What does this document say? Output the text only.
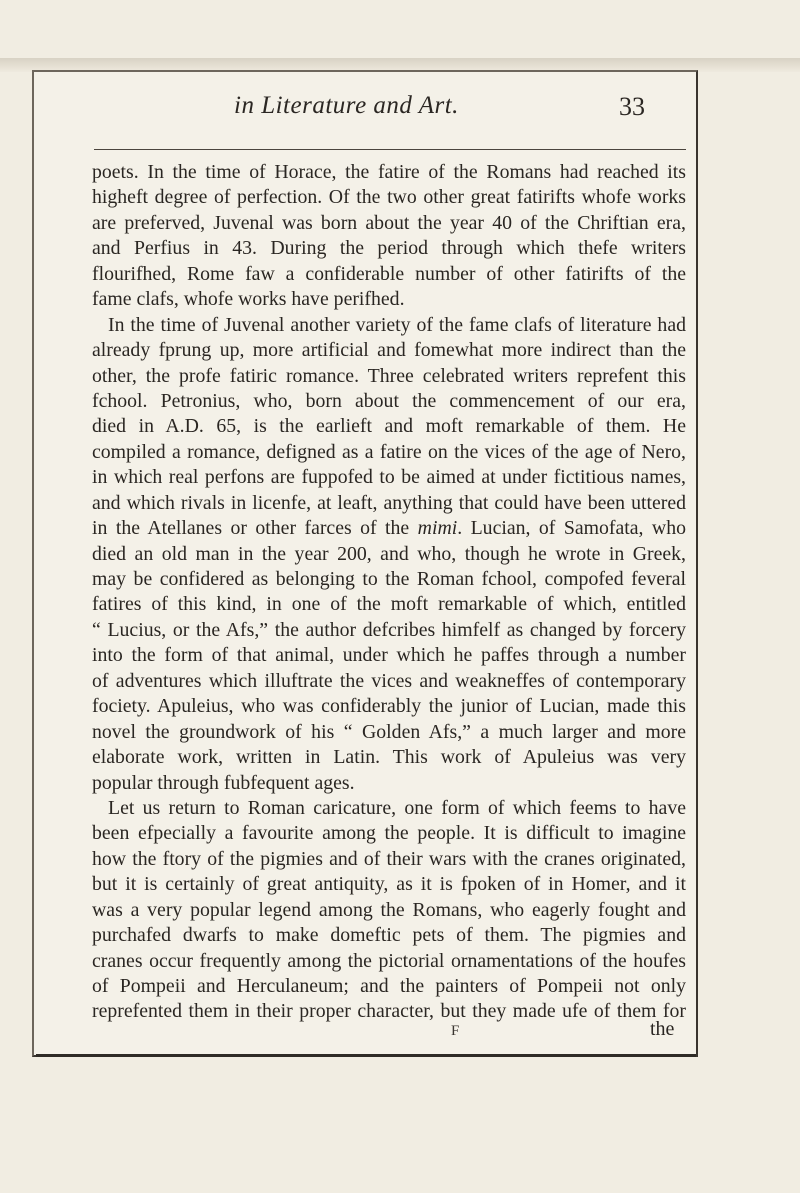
in Literature and Art.	33
poets. In the time of Horace, the fatire of the Romans had reached its
higheft degree of perfection. Of the two other great fatirifts whofe works
are preferved, Juvenal was born about the year 40 of the Chriftian era,
and Perfius in 43. During the period through which thefe writers
flourifhed, Rome faw a confiderable number of other fatirifts of the
fame clafs, whofe works have perifhed.
In the time of Juvenal another variety of the fame clafs of literature had
already fprung up, more artificial and fomewhat more indirect than the
other, the profe fatiric romance. Three celebrated writers reprefent this
fchool. Petronius, who, born about the commencement of our era,
died in A.D. 65, is the earlieft and moft remarkable of them. He
compiled a romance, defigned as a fatire on the vices of the age of Nero,
in which real perfons are fuppofed to be aimed at under fictitious names,
and which rivals in licenfe, at leaft, anything that could have been uttered
in the Atellanes or other farces of the mimi. Lucian, of Samofata, who
died an old man in the year 200, and who, though he wrote in Greek,
may be confidered as belonging to the Roman fchool, compofed feveral
fatires of this kind, in one of the moft remarkable of which, entitled
“ Lucius, or the Afs,” the author defcribes himfelf as changed by forcery
into the form of that animal, under which he paffes through a number
of adventures which illuftrate the vices and weakneffes of contemporary
fociety. Apuleius, who was confiderably the junior of Lucian, made this
novel the groundwork of his “ Golden Afs,” a much larger and more
elaborate work, written in Latin. This work of Apuleius was very
popular through fubfequent ages.
Let us return to Roman caricature, one form of which feems to have
been efpecially a favourite among the people. It is difficult to imagine
how the ftory of the pigmies and of their wars with the cranes originated,
but it is certainly of great antiquity, as it is fpoken of in Homer, and it
was a very popular legend among the Romans, who eagerly fought and
purchafed dwarfs to make domeftic pets of them. The pigmies and
cranes occur frequently among the pictorial ornamentations of the houfes
of Pompeii and Herculaneum; and the painters of Pompeii not only
reprefented them in their proper character, but they made ufe of them for
F	the
